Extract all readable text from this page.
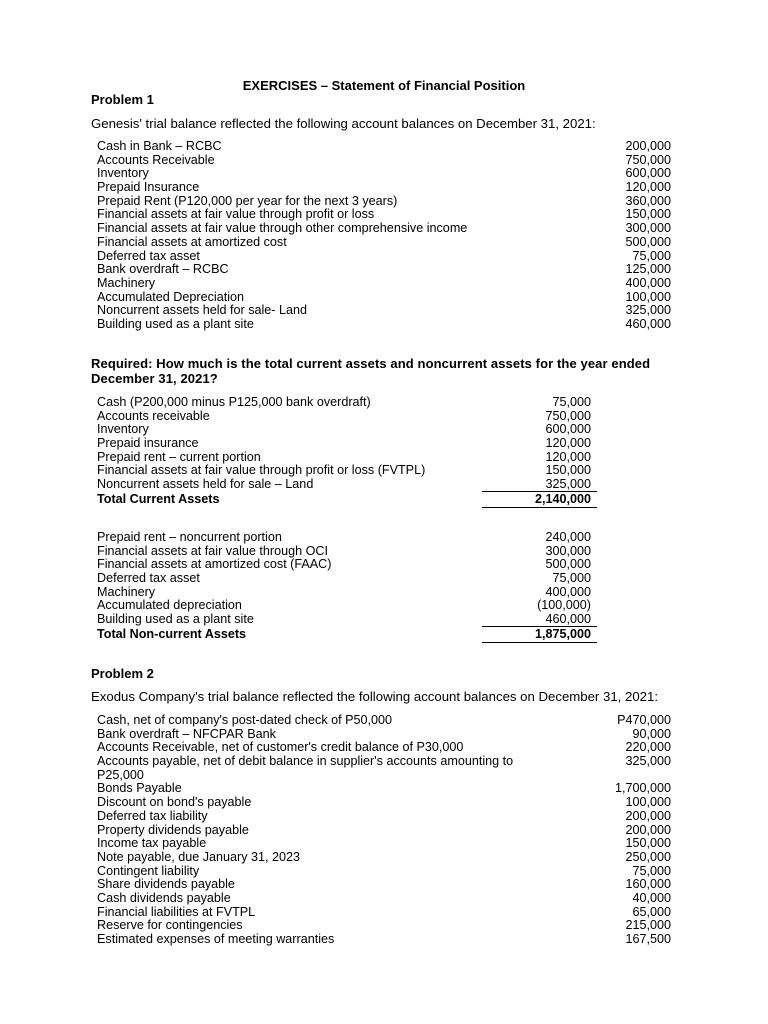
EXERCISES – Statement of Financial Position
Problem 1
Genesis' trial balance reflected the following account balances on December 31, 2021:
Cash in Bank – RCBC	200,000
Accounts Receivable	750,000
Inventory	600,000
Prepaid Insurance	120,000
Prepaid Rent (P120,000 per year for the next 3 years)	360,000
Financial assets at fair value through profit or loss	150,000
Financial assets at fair value through other comprehensive income	300,000
Financial assets at amortized cost	500,000
Deferred tax asset	75,000
Bank overdraft – RCBC	125,000
Machinery	400,000
Accumulated Depreciation	100,000
Noncurrent assets held for sale- Land	325,000
Building used as a plant site	460,000
Required: How much is the total current assets and noncurrent assets for the year ended December 31, 2021?
Cash (P200,000 minus P125,000 bank overdraft)	75,000
Accounts receivable	750,000
Inventory	600,000
Prepaid insurance	120,000
Prepaid rent – current portion	120,000
Financial assets at fair value through profit or loss (FVTPL)	150,000
Noncurrent assets held for sale – Land	325,000
Total Current Assets	2,140,000
Prepaid rent – noncurrent portion	240,000
Financial assets at fair value through OCI	300,000
Financial assets at amortized cost (FAAC)	500,000
Deferred tax asset	75,000
Machinery	400,000
Accumulated depreciation	(100,000)
Building used as a plant site	460,000
Total Non-current Assets	1,875,000
Problem 2
Exodus Company's trial balance reflected the following account balances on December 31, 2021:
Cash, net of company's post-dated check of P50,000	P470,000
Bank overdraft – NFCPAR Bank	90,000
Accounts Receivable, net of customer's credit balance of P30,000	220,000
Accounts payable, net of debit balance in supplier's accounts amounting to P25,000
325,000
Bonds Payable	1,700,000
Discount on bond's payable	100,000
Deferred tax liability	200,000
Property dividends payable	200,000
Income tax payable	150,000
Note payable, due January 31, 2023	250,000
Contingent liability	75,000
Share dividends payable	160,000
Cash dividends payable	40,000
Financial liabilities at FVTPL	65,000
Reserve for contingencies	215,000
Estimated expenses of meeting warranties	167,500
